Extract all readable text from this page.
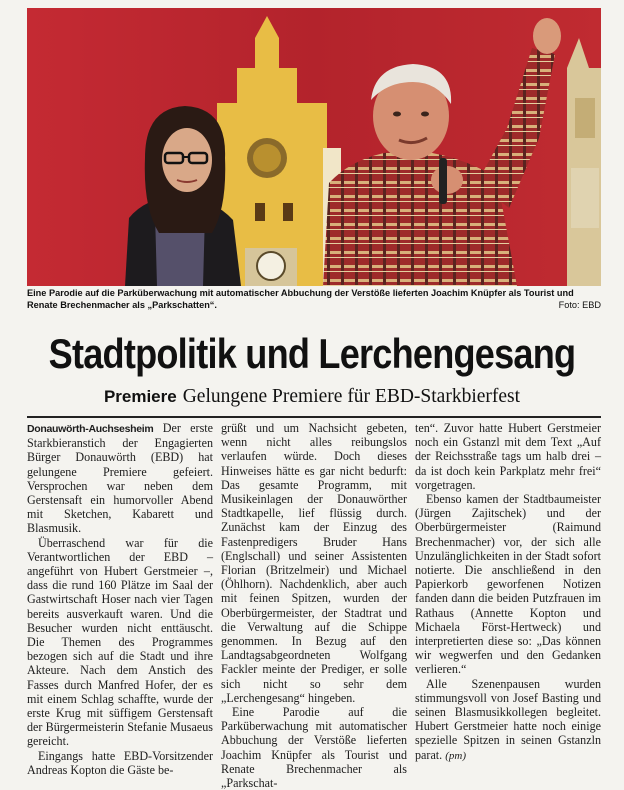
Eine Parodie auf die Parküberwachung mit automatischer Abbuchung der Verstöße lieferten Joachim Knüpfer als Tourist und Renate Brechenmacher als „Parkschatten“.	Foto: EBD
Stadtpolitik und Lerchengesang
Premiere Gelungene Premiere für EBD-Starkbierfest

Donauwörth-Auchsesheim Der erste Starkbieranstich der Engagierten Bürger Donauwörth (EBD) hat gelungene Premiere gefeiert. Versprochen war neben dem Gerstensaft ein humorvoller Abend mit Sketchen, Kabarett und Blasmusik.

Überraschend war für die Verantwortlichen der EBD – angeführt von Hubert Gerstmeier –, dass die rund 160 Plätze im Saal der Gastwirtschaft Hoser nach vier Tagen bereits ausverkauft waren. Und die Besucher wurden nicht enttäuscht. Die Themen des Programmes bezogen sich auf die Stadt und ihre Akteure. Nach dem Anstich des Fasses durch Manfred Hofer, der es mit einem Schlag schaffte, wurde der erste Krug mit süffigem Gerstensaft der Bürgermeisterin Stefanie Musaeus gereicht.

Eingangs hatte EBD-Vorsitzender Andreas Kopton die Gäste be-

grüßt und um Nachsicht gebeten, wenn nicht alles reibungslos verlaufen würde. Doch dieses Hinweises hätte es gar nicht bedurft: Das gesamte Programm, mit Musikeinlagen der Donauwörther Stadtkapelle, lief flüssig durch. Zunächst kam der Einzug des Fastenpredigers Bruder Hans (Englschall) und seiner Assistenten Florian (Britzelmeir) und Michael (Öhlhorn). Nachdenklich, aber auch mit feinen Spitzen, wurden der Oberbürgermeister, der Stadtrat und die Verwaltung auf die Schippe genommen. In Bezug auf den Landtagsabgeordneten Wolfgang Fackler meinte der Prediger, er solle sich nicht so sehr dem „Lerchengesang“ hingeben.

Eine Parodie auf die Parküberwachung mit automatischer Abbuchung der Verstöße lieferten Joachim Knüpfer als Tourist und Renate Brechenmacher als „Parkschat-

ten“. Zuvor hatte Hubert Gerstmeier noch ein Gstanzl mit dem Text „Auf der Reichsstraße tags um halb drei – da ist doch kein Parkplatz mehr frei“ vorgetragen.

Ebenso kamen der Stadtbaumeister (Jürgen Zajitschek) und der Oberbürgermeister (Raimund Brechenmacher) vor, der sich alle Unzulänglichkeiten in der Stadt sofort notierte. Die anschließend in den Papierkorb geworfenen Notizen fanden dann die beiden Putzfrauen im Rathaus (Annette Kopton und Michaela Först-Hertweck) und interpretierten diese so: „Das können wir wegwerfen und den Gedanken verlieren.“

Alle Szenenpausen wurden stimmungsvoll von Josef Basting und seinen Blasmusikkollegen begleitet. Hubert Gerstmeier hatte noch einige spezielle Spitzen in seinen Gstanzln parat. (pm)
